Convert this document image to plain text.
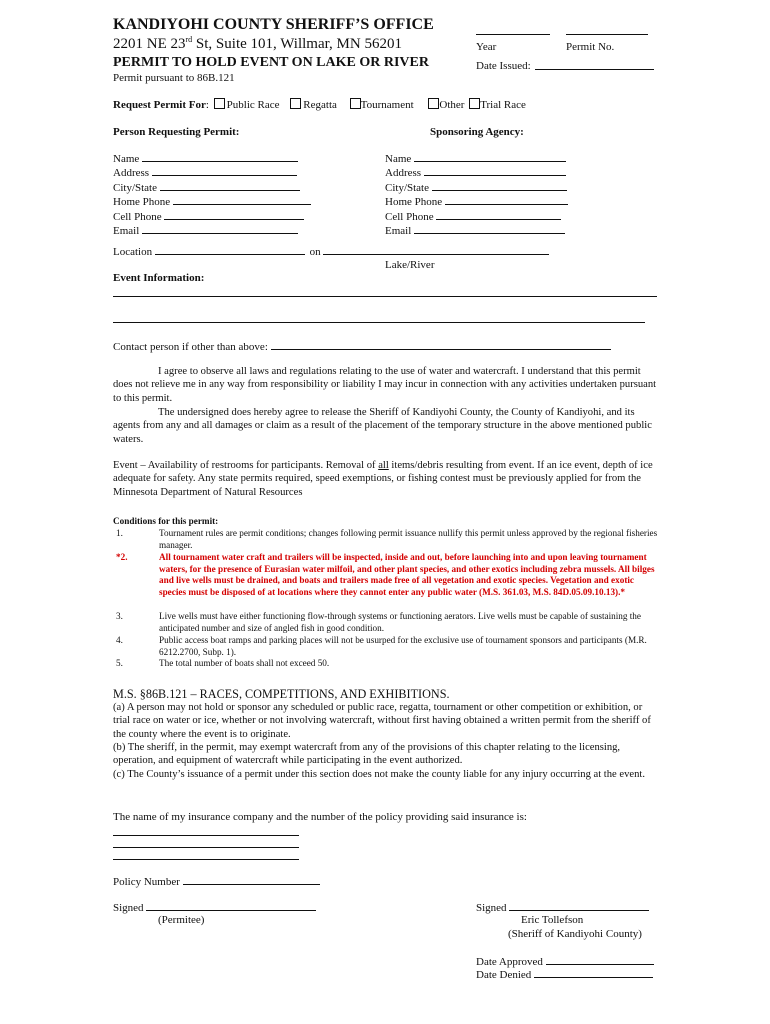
KANDIYOHI COUNTY SHERIFF’S OFFICE
2201 NE 23rd St, Suite 101, Willmar, MN 56201
PERMIT TO HOLD EVENT ON LAKE OR RIVER
Permit pursuant to 86B.121
Year	Permit No.
Date Issued:
Request Permit For: Public Race Regatta Tournament Other Trial Race
Person Requesting Permit:	Sponsoring Agency:
Name
Address
City/State
Home Phone
Cell Phone
Email
Name
Address
City/State
Home Phone
Cell Phone
Email
Location	on
Lake/River
Event Information:
Contact person if other than above:
I agree to observe all laws and regulations relating to the use of water and watercraft. I understand that this permit does not relieve me in any way from responsibility or liability I may incur in connection with any activities undertaken pursuant to this permit.
The undersigned does hereby agree to release the Sheriff of Kandiyohi County, the County of Kandiyohi, and its agents from any and all damages or claim as a result of the placement of the temporary structure in the above mentioned public waters.
Event – Availability of restrooms for participants. Removal of all items/debris resulting from event. If an ice event, depth of ice adequate for safety. Any state permits required, speed exemptions, or fishing contest must be previously applied for from the Minnesota Department of Natural Resources
Conditions for this permit:
1.	Tournament rules are permit conditions; changes following permit issuance nullify this permit unless approved by the regional fisheries manager.
*2.	All tournament water craft and trailers will be inspected, inside and out, before launching into and upon leaving tournament waters, for the presence of Eurasian water milfoil, and other plant species, and other exotics including zebra mussels. All bilges and live wells must be drained, and boats and trailers made free of all vegetation and exotic species. Vegetation and exotic species must be disposed of at locations where they cannot enter any public water (M.S. 361.03, M.S. 84D.05.09.10.13).*
3.	Live wells must have either functioning flow-through systems or functioning aerators. Live wells must be capable of sustaining the anticipated number and size of angled fish in good condition.
4.	Public access boat ramps and parking places will not be usurped for the exclusive use of tournament sponsors and participants (M.R. 6212.2700, Subp. 1).
5.	The total number of boats shall not exceed 50.
M.S. §86B.121 – RACES, COMPETITIONS, AND EXHIBITIONS.
(a) A person may not hold or sponsor any scheduled or public race, regatta, tournament or other competition or exhibition, or trial race on water or ice, whether or not involving watercraft, without first having obtained a written permit from the sheriff of the county where the event is to originate.
(b) The sheriff, in the permit, may exempt watercraft from any of the provisions of this chapter relating to the licensing, operation, and equipment of watercraft while participating in the event authorized.
(c) The County’s issuance of a permit under this section does not make the county liable for any injury occurring at the event.
The name of my insurance company and the number of the policy providing said insurance is:
Policy Number
Signed
(Permitee)
Signed
Eric Tollefson
(Sheriff of Kandiyohi County)
Date Approved
Date Denied
